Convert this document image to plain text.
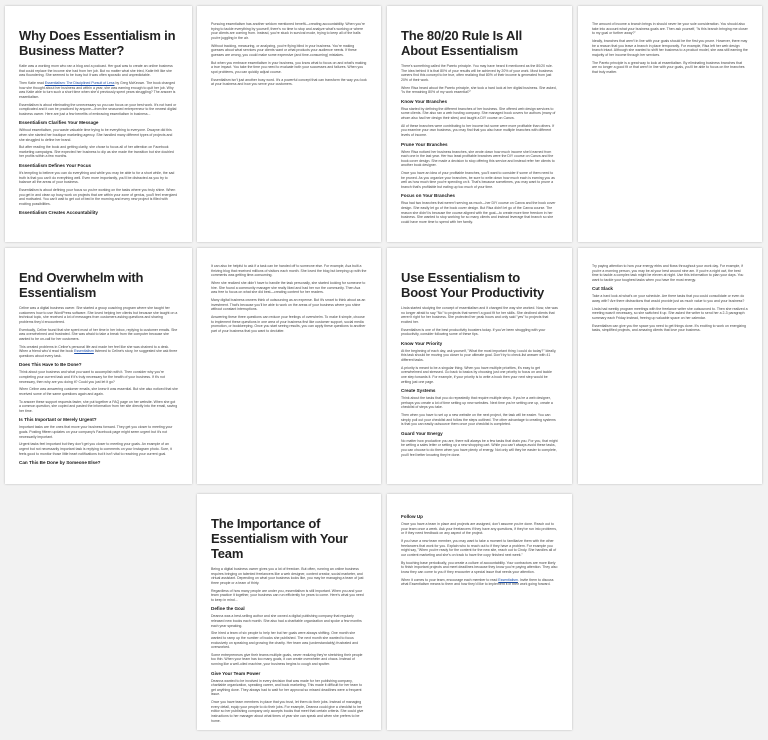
Why Does Essentialism in Business Matter?

Katie was a working mom who ran a blog and a podcast. Her goal was to create an online business that could replace the income she had from her job. But no matter what she tried, Katie felt like she was floundering. She seemed to be busy but it was often sporadic and unpredictable.

Then Katie read Essentialism: The Disciplined Pursuit of Less by Greg McKeown. The book changed how she thought about her business and within a year, she was earning enough to quit her job. Why was Katie able to turn such a short time when she'd previously spent years struggling? The answer is essentialism.

Essentialism is about eliminating the unnecessary so you can focus on your best work. It's not hard or complicated and it can be practiced by anyone—from the seasoned entrepreneur to the newest digital business owner. Here are just a few benefits of embracing essentialism in business...

Essentialism Clarifies Your Message

Without essentialism, you waste valuable time trying to be everything to everyone. Dwayne did this when she started her boutique marketing agency. She handled many different types of projects and she struggled to define her brand.

But after reading the book and getting clarity, she chose to focus all of her attention on Facebook marketing campaigns. She expected her business to dip as she made the transition but she doubled her profits within a few months.

Essentialism Defines Your Focus

It's tempting to believe you can do everything and while you may be able to for a short while, the sad truth is that you can't do everything well. Even more importantly, you'll be distracted as you try to balance all the areas of your business.

Essentialism is about defining your focus so you're working on the tasks where you truly shine. When you get in and clean up busy work on projects that are within your zone of genius, you'll feel energized and motivated. You can't wait to get out of bed in the morning and every new project is filled with exciting possibilities.

Essentialism Creates Accountability

Pursuing essentialism has another seldom mentioned benefit—creating accountability. When you're trying to tackle everything by yourself, there's no time to stop and analyze what's working or where your clients are coming from. Instead, you're stuck in survival mode, trying to keep all of the balls you're juggling in the air.

Without tracking, measuring, or analyzing, you're flying blind in your business. You're making guesses about what services your clients want or what products your audience needs. If these guesses are wrong, you could make some expensive (and time-consuming) mistakes.

But when you embrace essentialism in your business, you know what to focus on and what's making a true impact. You take the time you need to evaluate both your successes and failures. When you spot problems, you can quickly adjust course.

Essentialism isn't just another busy word. It's a powerful concept that can transform the way you look at your business and how you serve your customers.

The 80/20 Rule Is All About Essentialism

There's something called the Pareto principle. You may have heard it mentioned as the 80/20 rule. The idea behind it is that 80% of your results will be achieved by 20% of your work. Most business owners find this concept to be true, often realizing that 80% of their income is generated from just 20% of their work.

When Risa heard about the Pareto principle, she took a hard look at her digital business. She asked, "Is the remaining 80% of my work essential?"

Know Your Branches

Risa started by defining the different branches of her business. She offered web design services to some clients. She also ran a web hosting company. She managed book covers for authors (many of whom also had her design their sites) and taught a DIY course on Canva.

All of these branches were contributing to her income but some were more profitable than others. If you examine your own business, you may find that you also have multiple branches with different levels of income.

Prune Your Branches

When Risa noticed her business branches, she wrote down how much income she'd earned from each one in the last year. Her two least profitable branches were the DIY course on Canva and the book cover design. She made a decision to stop offering this service and instead refer her clients to another book designer.

Once you have an idea of your profitable branches, you'll want to consider if some of them need to be pruned. As you organize your branches, be sure to write down how much each is earning you as well as how much time you're spending on it. That's because sometimes, you may want to prune a branch that's profitable but eating up too much of your time.

Focus on Your Branches

Risa had two branches that weren't serving as much—her DIY course on Canva and the book cover design. She easily let go of the book cover design. But Risa didn't let go of the Canva course. The reason she didn't is because the course aligned with the goal—to create more time freedom in her business. She wanted to stop working for so many clients and instead leverage that branch so she could have more time to spend with her family.

The amount of income a branch brings in should never be your sole consideration. You should also take into account what your business goals are. Then ask yourself, "Is this branch bringing me closer to my goal or further away?"

Ideally, branches that aren't in line with your goals should be the first you prune. However, there may be a reason that you leave a branch in place temporarily. For example, Risa left her web design branch intact. Although she wanted to shift her business to a product model, she was still earning the majority of her income through her services.

The Pareto principle is a great way to look at essentialism. By eliminating business branches that are no longer a good fit or that aren't in line with your goals, you'll be able to focus on the branches that truly matter.

End Overwhelm with Essentialism

Celine was a digital business owner. She started a group coaching program where she taught her customers how to use WordPress software. She loved helping her clients but because she taught on a technical topic, she received a lot of messages from customers asking questions and sharing problems they'd encountered.

Eventually, Celine found that she spent most of her time in her inbox, replying to customer emails. She was overwhelmed and frustrated. She was afraid to take a break from the computer because she wanted to be on-call for her customers.

This created problems in Celine's personal life and made her feel like she was chained to a desk. When a friend who'd read the book Essentialism listened to Celine's story, he suggested she ask three questions about every task.

Does This Have to Be Done?

Think about your business and what you want to accomplish with it. Then consider why you're completing your current task and if it's truly necessary for the health of your business. If it's not necessary, then why are you doing it? Could you just let it go?

When Celine was answering customer emails, she knew it was essential. But she also noticed that she received some of the same questions again and again.

To answer these support requests faster, she put together a FAQ page on her website. When she got a common question, she copied and pasted the information from her site directly into the email, saving her time.

Is This Important or Merely Urgent?

Important tasks are the ones that move your business forward. They get you closer to meeting your goals. Posting fifteen updates on your company's Facebook page might seem urgent but it's not necessarily important.

Urgent tasks feel important but they don't get you closer to meeting your goals. An example of an urgent but not necessarily important task is replying to comments on your Instagram photo. Sure, it feels good to monitor those little heart notifications but it isn't vital to reaching your current goal.

Can This Be Done by Someone Else?

It can also be helpful to ask if a task can be handed off to someone else. For example, Ava built a thriving blog that received millions of visitors each month. She loved the blog but keeping up with the comments was getting time-consuming.

When she realized she didn't have to handle the task personally, she started looking for someone to hire. She found a community manager she really liked and had her run the community. Then Ava was free to focus on what she did best—creating content for her readers.

Many digital business owners think of outsourcing as an expense. But it's smart to think about as an investment. That's because you'll be able to work on the areas of your business where you shine without constant interruptions.

Answering these three questions can reduce your feelings of overwhelm. To make it simple, choose to implement these questions in one area of your business first like customer support, social media promotion, or bookkeeping. Once you start seeing results, you can apply these questions to another part of your business that you want to declutter.

Use Essentialism to Boost Your Productivity

Linda started studying the concept of essentialism and it changed the way she worked. Now, she was no longer afraid to say "No" to projects that weren't a good fit for her skills. She declined clients that weren't right for her business. She protected her peak hours and only said "yes" to projects that excited her.

Essentialism is one of the best productivity boosters today. If you've been struggling with your productivity, consider following some of these tips.

Know Your Priority

At the beginning of each day, ask yourself, "What the most important thing I could do today?" Ideally, this task should be moving you closer to your ultimate goal. Don't try to check-list answer with 41 different tasks.

A priority is meant to be a singular thing. When you have multiple priorities, it's easy to get overwhelmed and stressed. Go back to basics by choosing just one priority to focus on and tackle one step towards it. For example, if your priority is to write a book then your next step would be writing just one page.

Create Systems

Think about the tasks that you do repeatedly that require multiple steps. If you're a web designer, perhaps you create a lot of time setting up new websites. Next time you're setting one up, create a checklist of steps you take.

Then when you have to set up a new website on the next project, the task will be easier. You can simply pull out your checklist and follow the steps outlined. The other advantage to creating systems is that you can easily outsource them once your checklist is completed.

Guard Your Energy

No matter how productive you are, there will always be a few tasks that drain you. For you, that might be writing a sales letter or setting up a new shopping cart. While you can't always avoid these tasks, you can choose to do them when you have plenty of energy. Not only will they be easier to complete, you'll feel better knowing they're done.

Try paying attention to how your energy ebbs and flows throughout your work day. For example, if you're a morning person, you may be at your best around nine am. If you're a night owl, the best time to tackle a complex task might be eleven at night. Use this information to plan your days. You want to tackle your toughest tasks when you have the most energy.

Cut Slack

Take a hard look at what's on your schedule. Are there tasks that you could consolidate or even do away with? Are there distractions that would provide just as much value to you and your business?

Linda had weekly program meetings with the freelance writer she outsourced to. Then she realized a meeting wasn't necessary, so she switched it up. She asked the writer to send her a 2-3 paragraph summary each Friday instead, freeing up valuable space on her calendar.

Essentialism can give you the space you need to get things done. It's exciting to work on energizing tasks, simplified projects, and amazing clients that love your business.

The Importance of Essentialism with Your Team

Being a digital business owner gives you a lot of freedom. But often, running an online business requires bringing on talented freelancers like a web designer, content creator, social marketer, and virtual assistant. Depending on what your business looks like, you may be managing a team of just three people or a team of thirty.

Regardless of how many people are under you, essentialism is still important. When you and your team practice it together, your business can run efficiently for years to come. Here's what you need to keep in mind...

Define the Goal

Deanna was a best-selling author and she owned a digital publishing company that regularly released new books each month. She also had a charitable organization and spoke a few months each year speaking.

She hired a team of six people to help her but her goals were always shifting. One month she wanted to ramp up the number of books she published. The next month she wanted to focus exclusively on speaking and growing the charity. Her team was (understandably) frustrated and overworked.

Some entrepreneurs give their teams multiple goals, never realizing they're stretching their people too thin. When your team has too many goals, it can create overwhelm and chaos. Instead of running like a well-oiled machine, your business begins to cough and sputter.

Give Your Team Power

Deanna wanted to be involved in every decision that was made for her publishing company, charitable organization, speaking career, and book marketing. This made it difficult for her team to get anything done. They always had to wait for her approval so missed deadlines were a frequent issue.

Once you have team members in place that you trust, let them do their jobs. Instead of managing every detail, equip your people to do their jobs. For example, Deanna could give a checklist to her editor so her publishing company only accepts books that meet that certain criteria. She could give instructions to her manager about what times of year she can speak and when she prefers to be home.

Follow Up

Once you have a team in place and projects are assigned, don't assume you're done. Reach out to your team once a week. Ask your freelancers if they have any questions, if they've run into problems, or if they need feedback on any aspect of the project.

If you have a new team member, you may want to take a moment to familiarize them with the other freelancers that work for you. Explain who to reach out to if they have a problem. For example you might say, "When you're ready for the content for the new site, reach out to Cindy. She handles all of our content marketing and she's on track to have the copy finished next week."

By touching base periodically, you create a culture of accountability. Your contractors are more likely to finish important projects and meet deadlines because they know you're paying attention. They also know they can come to you if they encounter a special issue that needs your attention.

When it comes to your team, encourage each member to read Essentialism. Invite them to discuss what Essentialism means to them and how they'd like to implement it in their work going forward.
